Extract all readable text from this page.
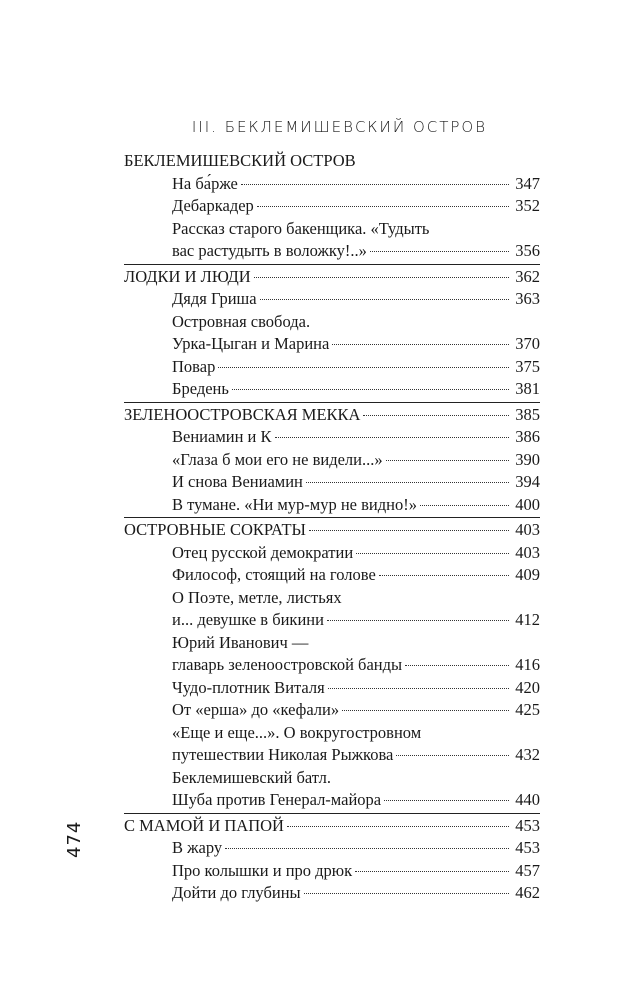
III. БЕКЛЕМИШЕВСКИЙ ОСТРОВ
БЕКЛЕМИШЕВСКИЙ ОСТРОВ
На ба́рже	347
Дебаркадер	352
Рассказ старого бакенщика. «Тудыть
вас растудыть в воложку!..»	356
ЛОДКИ И ЛЮДИ	362
Дядя Гриша	363
Островная свобода.
Урка-Цыган и Марина	370
Повар	375
Бредень	381
ЗЕЛЕНООСТРОВСКАЯ МЕККА	385
Вениамин и К	386
«Глаза б мои его не видели...»	390
И снова Вениамин	394
В тумане. «Ни мур-мур не видно!»	400
ОСТРОВНЫЕ СОКРАТЫ	403
Отец русской демократии	403
Философ, стоящий на голове	409
О Поэте, метле, листьях
и... девушке в бикини	412
Юрий Иванович —
главарь зеленоостровской банды	416
Чудо-плотник Виталя	420
От «ерша» до «кефали»	425
«Еще и еще...». О вокругостровном
путешествии Николая Рыжкова	432
Беклемишевский батл.
Шуба против Генерал-майора	440
С МАМОЙ И ПАПОЙ	453
В жару	453
Про колышки и про дрюк	457
Дойти до глубины	462
474
